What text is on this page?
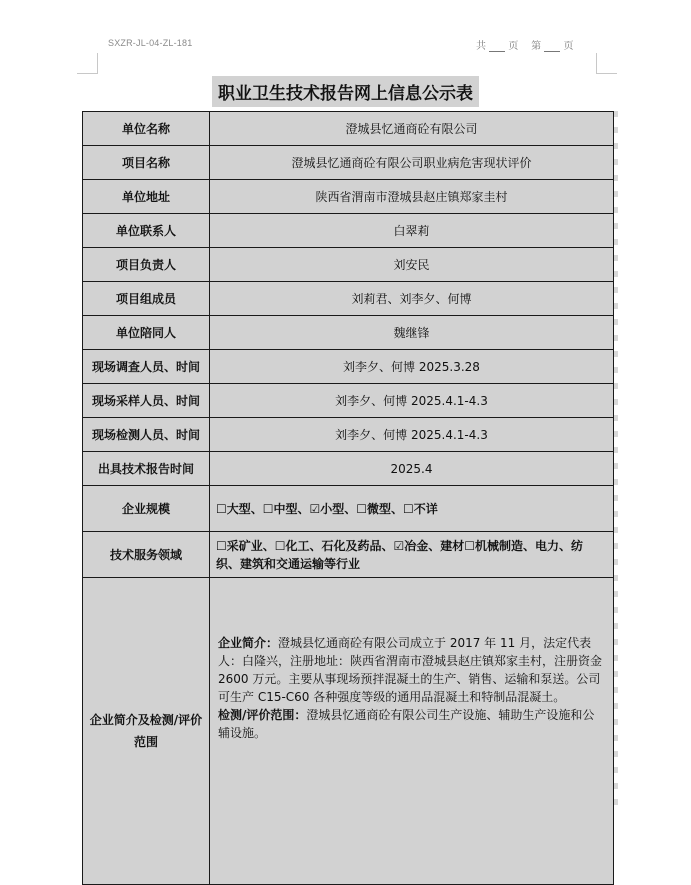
SXZR-JL-04-ZL-181	共 页 第 页
职业卫生技术报告网上信息公示表
单位名称	澄城县忆通商砼有限公司
项目名称	澄城县忆通商砼有限公司职业病危害现状评价
单位地址	陕西省渭南市澄城县赵庄镇郑家圭村
单位联系人	白翠莉
项目负责人	刘安民
项目组成员	刘莉君、刘李夕、何博
单位陪同人	魏继锋
现场调查人员、时间	刘李夕、何博 2025.3.28
现场采样人员、时间	刘李夕、何博 2025.4.1-4.3
现场检测人员、时间	刘李夕、何博 2025.4.1-4.3
出具技术报告时间	2025.4
企业规模	☐大型、☐中型、☑小型、☐微型、☐不详
技术服务领域	☐采矿业、☐化工、石化及药品、☑冶金、建材☐机械制造、电力、纺织、建筑和交通运输等行业
企业简介及检测/评价范围	企业简介：澄城县忆通商砼有限公司成立于 2017 年 11 月，法定代表人：白隆兴，注册地址：陕西省渭南市澄城县赵庄镇郑家圭村，注册资金 2600 万元。主要从事现场预拌混凝土的生产、销售、运输和泵送。公司可生产 C15-C60 各种强度等级的通用品混凝土和特制品混凝土。
检测/评价范围：澄城县忆通商砼有限公司生产设施、辅助生产设施和公辅设施。
